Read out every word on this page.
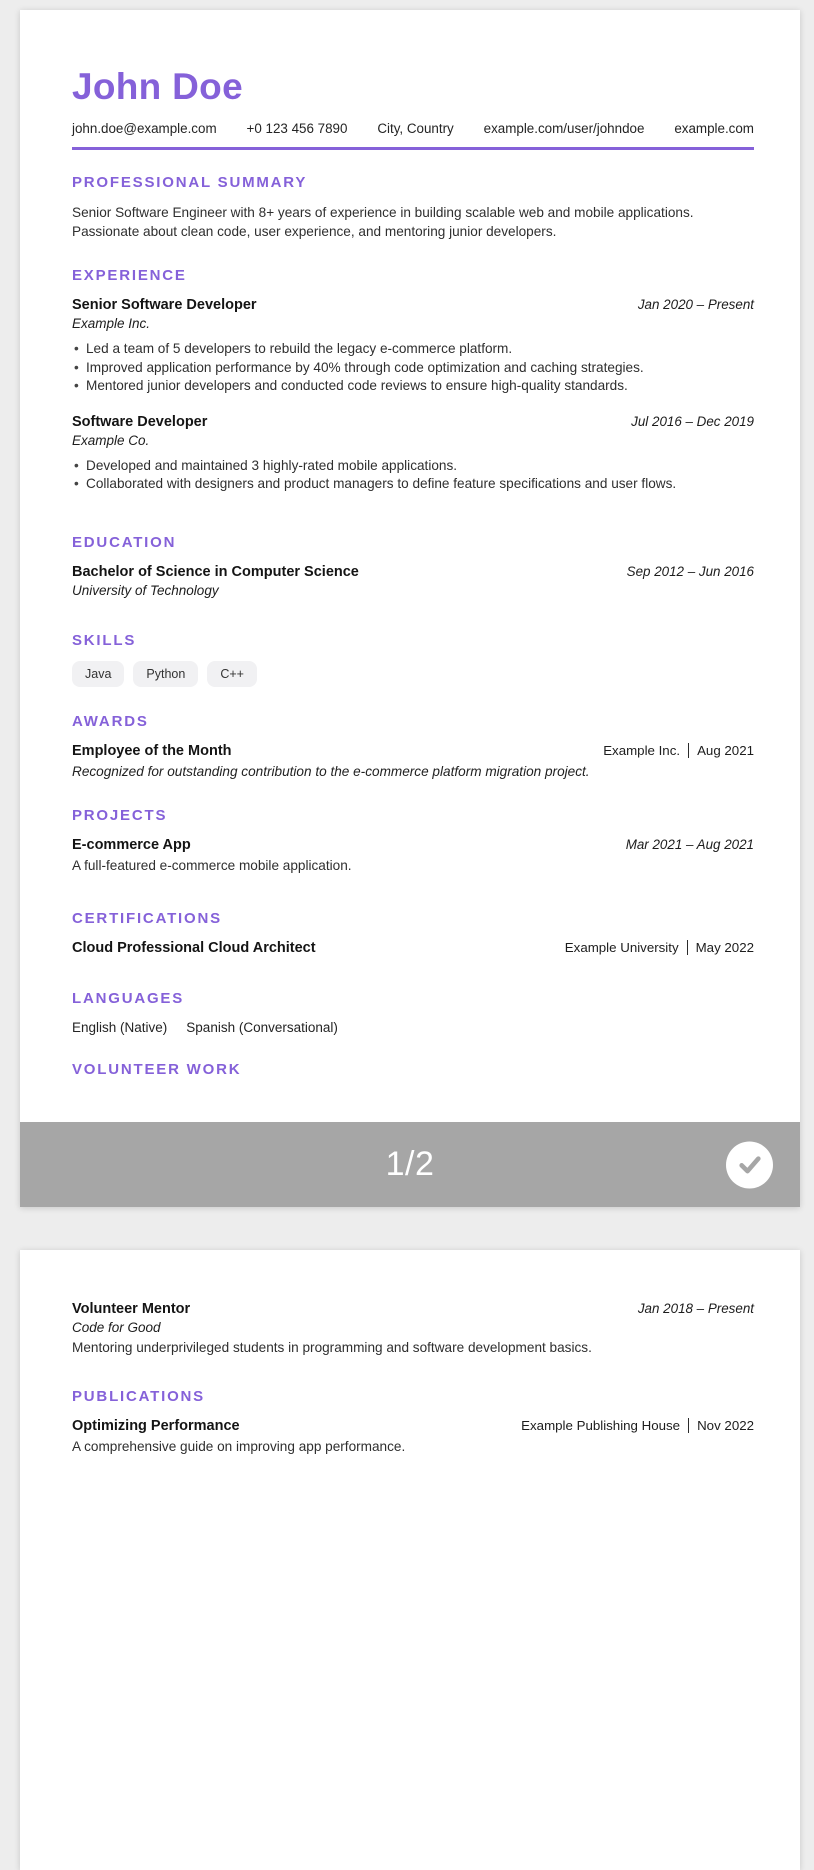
John Doe
john.doe@example.com +0 123 456 7890 City, Country example.com/user/johndoe example.com
PROFESSIONAL SUMMARY

Senior Software Engineer with 8+ years of experience in building scalable web and mobile applications. Passionate about clean code, user experience, and mentoring junior developers.

EXPERIENCE
Senior Software Developer	Jan 2020 – Present
Example Inc.
• Led a team of 5 developers to rebuild the legacy e-commerce platform.
• Improved application performance by 40% through code optimization and caching strategies.
• Mentored junior developers and conducted code reviews to ensure high-quality standards.
Software Developer	Jul 2016 – Dec 2019
Example Co.
• Developed and maintained 3 highly-rated mobile applications.
• Collaborated with designers and product managers to define feature specifications and user flows.
EDUCATION
Bachelor of Science in Computer Science	Sep 2012 – Jun 2016
University of Technology
SKILLS
Java	Python	C++
AWARDS
Employee of the Month	Example Inc. Aug 2021
Recognized for outstanding contribution to the e-commerce platform migration project.
PROJECTS
E-commerce App	Mar 2021 – Aug 2021
A full-featured e-commerce mobile application.
CERTIFICATIONS
Cloud Professional Cloud Architect	Example University May 2022
LANGUAGES
English (Native) Spanish (Conversational)
VOLUNTEER WORK
1/2
Volunteer Mentor	Jan 2018 – Present
Code for Good
Mentoring underprivileged students in programming and software development basics.
PUBLICATIONS
Optimizing Performance	Example Publishing House Nov 2022
A comprehensive guide on improving app performance.
